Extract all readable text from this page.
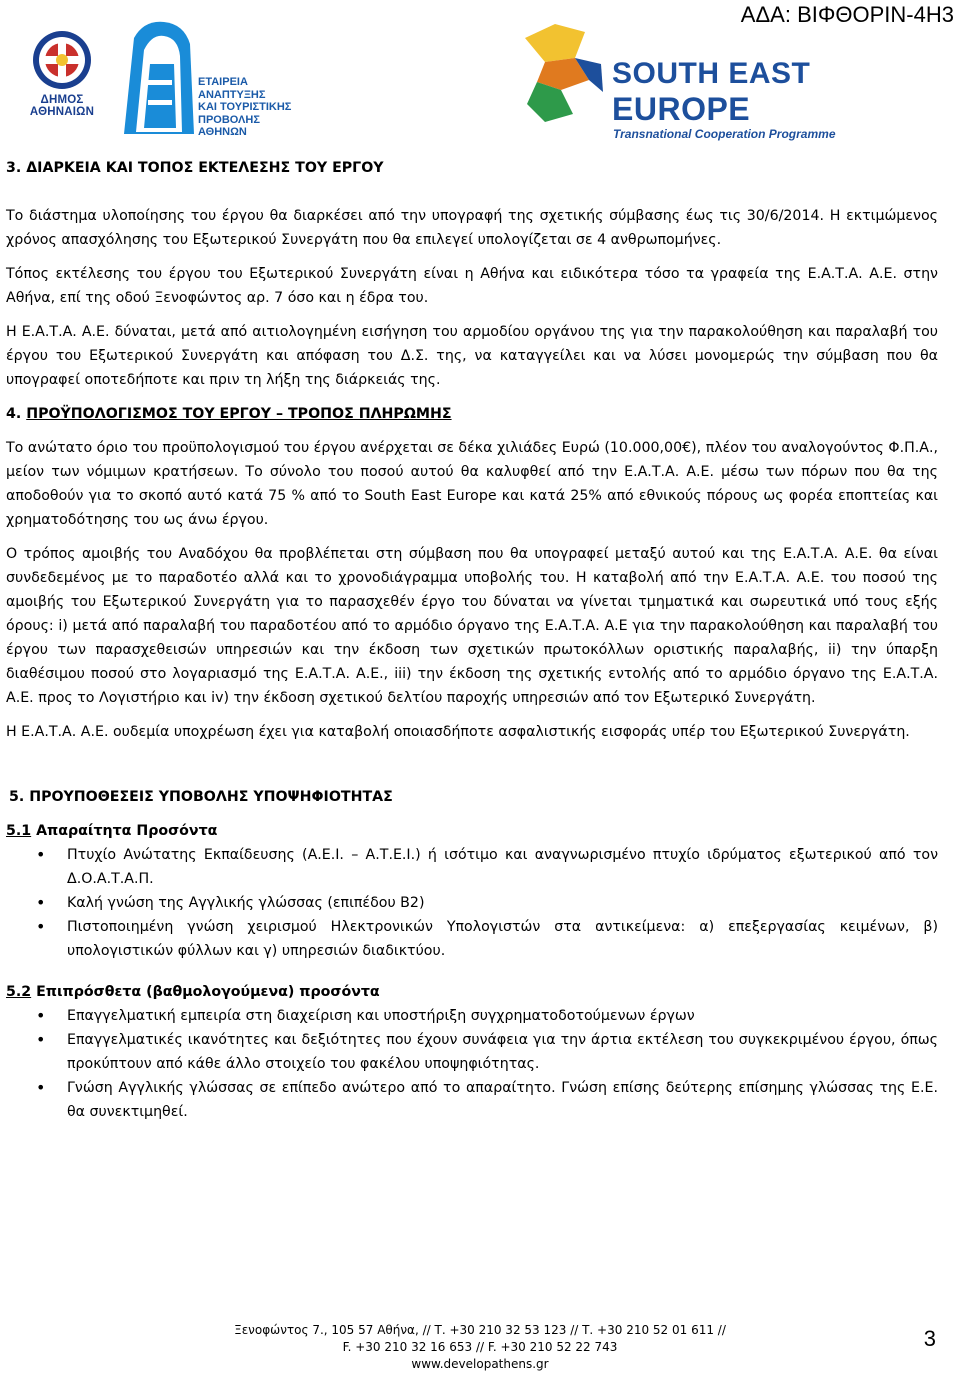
ΑΔΑ: ΒΙΦΘΟΡΙΝ-4Η3
ΔΗΜΟΣ ΑΘΗΝΑΙΩΝ
ΕΤΑΙΡΕΙΑ
ΑΝΑΠΤΥΞΗΣ
ΚΑΙ ΤΟΥΡΙΣΤΙΚΗΣ
ΠΡΟΒΟΛΗΣ
ΑΘΗΝΩΝ
SOUTH EAST
EUROPE
Transnational Cooperation Programme

3. ΔΙΑΡΚΕΙΑ ΚΑΙ ΤΟΠΟΣ ΕΚΤΕΛΕΣΗΣ ΤΟΥ ΕΡΓΟΥ

Το διάστημα υλοποίησης του έργου θα διαρκέσει από την υπογραφή της σχετικής σύμβασης έως τις 30/6/2014. Η εκτιμώμενος χρόνος απασχόλησης του Εξωτερικού Συνεργάτη που θα επιλεγεί υπολογίζεται σε 4 ανθρωπομήνες.

Τόπος εκτέλεσης του έργου του Εξωτερικού Συνεργάτη είναι η Αθήνα και ειδικότερα τόσο τα γραφεία της Ε.Α.Τ.Α. Α.Ε. στην Αθήνα, επί της οδού Ξενοφώντος αρ. 7 όσο και η έδρα του.

Η Ε.Α.Τ.Α. Α.Ε. δύναται, μετά από αιτιολογημένη εισήγηση του αρμοδίου οργάνου της για την παρακολούθηση και παραλαβή του έργου του Εξωτερικού Συνεργάτη και απόφαση του Δ.Σ. της, να καταγγείλει και να λύσει μονομερώς την σύμβαση που θα υπογραφεί οποτεδήποτε και πριν τη λήξη της διάρκειάς της.

4. ΠΡΟΫΠΟΛΟΓΙΣΜΟΣ ΤΟΥ ΕΡΓΟΥ – ΤΡΟΠΟΣ ΠΛΗΡΩΜΗΣ

Το ανώτατο όριο του προϋπολογισμού του έργου ανέρχεται σε δέκα χιλιάδες Ευρώ (10.000,00€), πλέον του αναλογούντος Φ.Π.Α., μείον των νόμιμων κρατήσεων. Το σύνολο του ποσού αυτού θα καλυφθεί από την Ε.Α.Τ.Α. Α.Ε. μέσω των πόρων που θα της αποδοθούν για το σκοπό αυτό κατά 75 % από το South East Europe και κατά 25% από εθνικούς πόρους ως φορέα εποπτείας και χρηματοδότησης του ως άνω έργου.

Ο τρόπος αμοιβής του Αναδόχου θα προβλέπεται στη σύμβαση που θα υπογραφεί μεταξύ αυτού και της Ε.Α.Τ.Α. Α.Ε. θα είναι συνδεδεμένος με το παραδοτέο αλλά και το χρονοδιάγραμμα υποβολής του. Η καταβολή από την Ε.Α.Τ.Α. Α.Ε. του ποσού της αμοιβής του Εξωτερικού Συνεργάτη για το παρασχεθέν έργο του δύναται να γίνεται τμηματικά και σωρευτικά υπό τους εξής όρους: i) μετά από παραλαβή του παραδοτέου από το αρμόδιο όργανο της Ε.Α.Τ.Α. Α.Ε για την παρακολούθηση και παραλαβή του έργου των παρασχεθεισών υπηρεσιών και την έκδοση των σχετικών πρωτοκόλλων οριστικής παραλαβής, ii) την ύπαρξη διαθέσιμου ποσού στο λογαριασμό της Ε.Α.Τ.Α. Α.Ε., iii) την έκδοση της σχετικής εντολής από το αρμόδιο όργανο της Ε.Α.Τ.Α. Α.Ε. προς το Λογιστήριο και iv) την έκδοση σχετικού δελτίου παροχής υπηρεσιών από τον Εξωτερικό Συνεργάτη.

Η Ε.Α.Τ.Α. Α.Ε. ουδεμία υποχρέωση έχει για καταβολή οποιασδήποτε ασφαλιστικής εισφοράς υπέρ του Εξωτερικού Συνεργάτη.

5. ΠΡΟΥΠΟΘΕΣΕΙΣ ΥΠΟΒΟΛΗΣ ΥΠΟΨΗΦΙΟΤΗΤΑΣ

5.1 Απαραίτητα Προσόντα

• Πτυχίο Ανώτατης Εκπαίδευσης (Α.Ε.Ι. – Α.Τ.Ε.Ι.) ή ισότιμο και αναγνωρισμένο πτυχίο ιδρύματος εξωτερικού από τον Δ.Ο.Α.Τ.Α.Π.
• Καλή γνώση της Αγγλικής γλώσσας (επιπέδου Β2)
• Πιστοποιημένη γνώση χειρισμού Ηλεκτρονικών Υπολογιστών στα αντικείμενα: α) επεξεργασίας κειμένων, β) υπολογιστικών φύλλων και γ) υπηρεσιών διαδικτύου.

5.2 Επιπρόσθετα (βαθμολογούμενα) προσόντα

• Επαγγελματική εμπειρία στη διαχείριση και υποστήριξη συγχρηματοδοτούμενων έργων
• Επαγγελματικές ικανότητες και δεξιότητες που έχουν συνάφεια για την άρτια εκτέλεση του συγκεκριμένου έργου, όπως προκύπτουν από κάθε άλλο στοιχείο του φακέλου υποψηφιότητας.
• Γνώση Αγγλικής γλώσσας σε επίπεδο ανώτερο από το απαραίτητο. Γνώση επίσης δεύτερης επίσημης γλώσσας της Ε.Ε. θα συνεκτιμηθεί.
Ξενοφώντος 7., 105 57 Αθήνα, // Τ. +30 210 32 53 123 // Τ. +30 210 52 01 611 //
F. +30 210 32 16 653 // F. +30 210 52 22 743
www.developathens.gr
3
